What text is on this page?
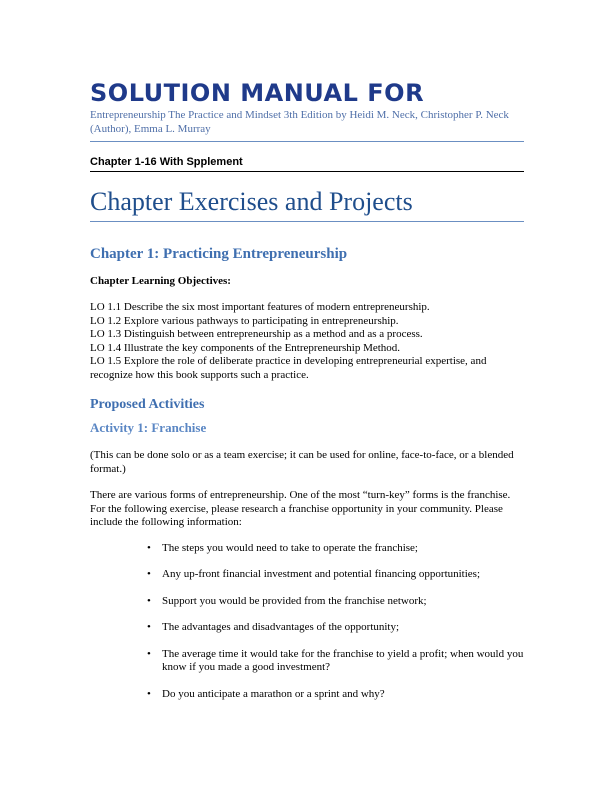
SOLUTION MANUAL FOR

Entrepreneurship The Practice and Mindset 3th Edition by Heidi M. Neck, Christopher P. Neck (Author), Emma L. Murray

Chapter 1-16 With Spplement

Chapter Exercises and Projects
Chapter 1: Practicing Entrepreneurship

Chapter Learning Objectives:

LO 1.1 Describe the six most important features of modern entrepreneurship.
LO 1.2 Explore various pathways to participating in entrepreneurship.
LO 1.3 Distinguish between entrepreneurship as a method and as a process.
LO 1.4 Illustrate the key components of the Entrepreneurship Method.
LO 1.5 Explore the role of deliberate practice in developing entrepreneurial expertise, and recognize how this book supports such a practice.
Proposed Activities
Activity 1: Franchise

(This can be done solo or as a team exercise; it can be used for online, face-to-face, or a blended format.)

There are various forms of entrepreneurship. One of the most “turn-key” forms is the franchise. For the following exercise, please research a franchise opportunity in your community. Please include the following information:

• The steps you would need to take to operate the franchise;
• Any up-front financial investment and potential financing opportunities;
• Support you would be provided from the franchise network;
• The advantages and disadvantages of the opportunity;
• The average time it would take for the franchise to yield a profit; when would you know if you made a good investment?
• Do you anticipate a marathon or a sprint and why?
